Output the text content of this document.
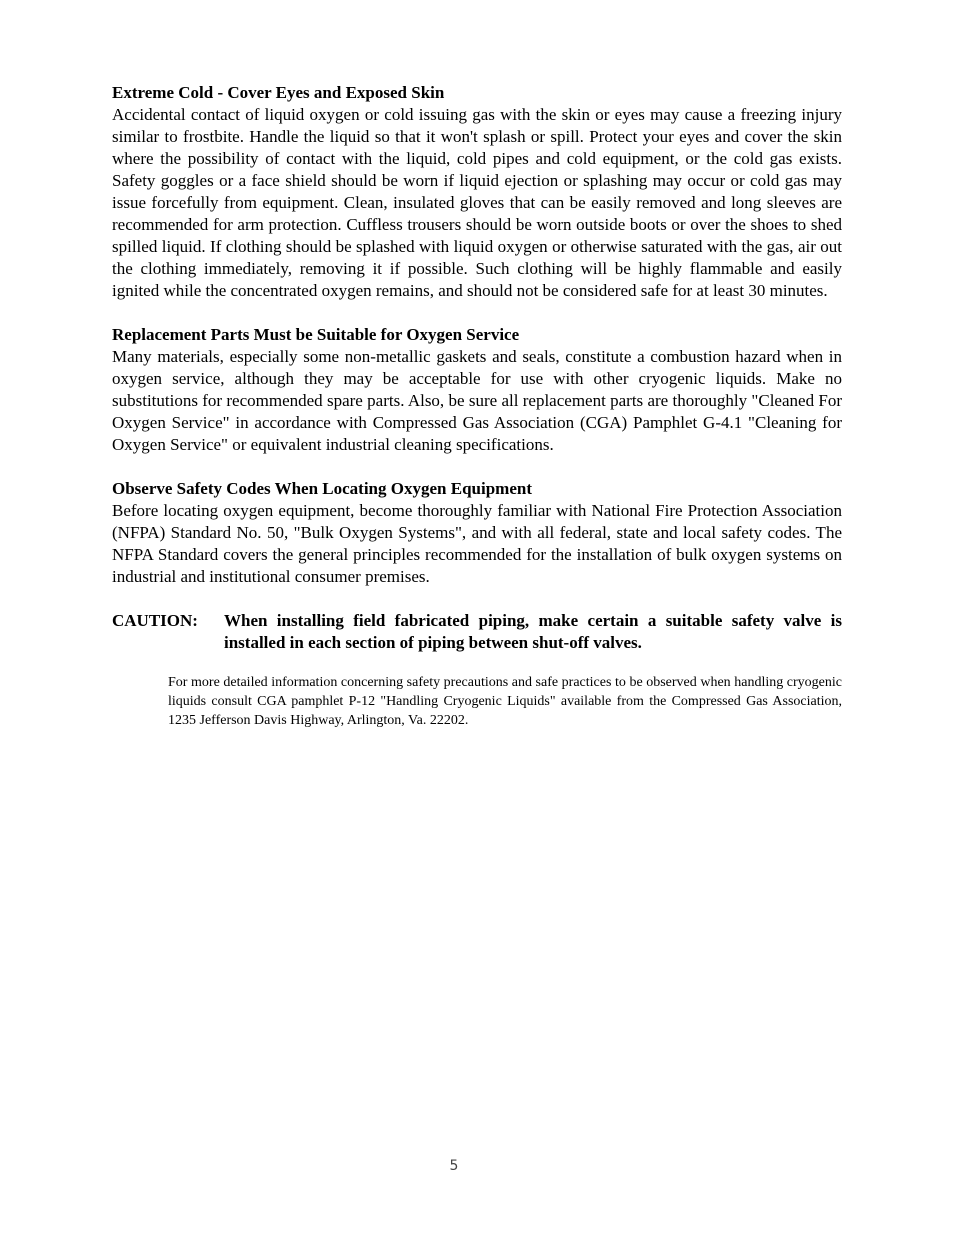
Extreme Cold - Cover Eyes and Exposed Skin

Accidental contact of liquid oxygen or cold issuing gas with the skin or eyes may cause a freezing injury similar to frostbite. Handle the liquid so that it won't splash or spill. Protect your eyes and cover the skin where the possibility of contact with the liquid, cold pipes and cold equipment, or the cold gas exists. Safety goggles or a face shield should be worn if liquid ejection or splashing may occur or cold gas may issue forcefully from equipment. Clean, insulated gloves that can be easily removed and long sleeves are recommended for arm protection. Cuffless trousers should be worn outside boots or over the shoes to shed spilled liquid. If clothing should be splashed with liquid oxygen or otherwise saturated with the gas, air out the clothing immediately, removing it if possible. Such clothing will be highly flammable and easily ignited while the concentrated oxygen remains, and should not be considered safe for at least 30 minutes.

Replacement Parts Must be Suitable for Oxygen Service

Many materials, especially some non-metallic gaskets and seals, constitute a combustion hazard when in oxygen service, although they may be acceptable for use with other cryogenic liquids. Make no substitutions for recommended spare parts. Also, be sure all replacement parts are thoroughly "Cleaned For Oxygen Service" in accordance with Compressed Gas Association (CGA) Pamphlet G-4.1 "Cleaning for Oxygen Service" or equivalent industrial cleaning specifications.

Observe Safety Codes When Locating Oxygen Equipment

Before locating oxygen equipment, become thoroughly familiar with National Fire Protection Association (NFPA) Standard No. 50, "Bulk Oxygen Systems", and with all federal, state and local safety codes. The NFPA Standard covers the general principles recommended for the installation of bulk oxygen systems on industrial and institutional consumer premises.

CAUTION:	When installing field fabricated piping, make certain a suitable safety valve is installed in each section of piping between shut-off valves.

For more detailed information concerning safety precautions and safe practices to be observed when handling cryogenic liquids consult CGA pamphlet P-12 "Handling Cryogenic Liquids" available from the Compressed Gas Association, 1235 Jefferson Davis Highway, Arlington, Va. 22202.

5
